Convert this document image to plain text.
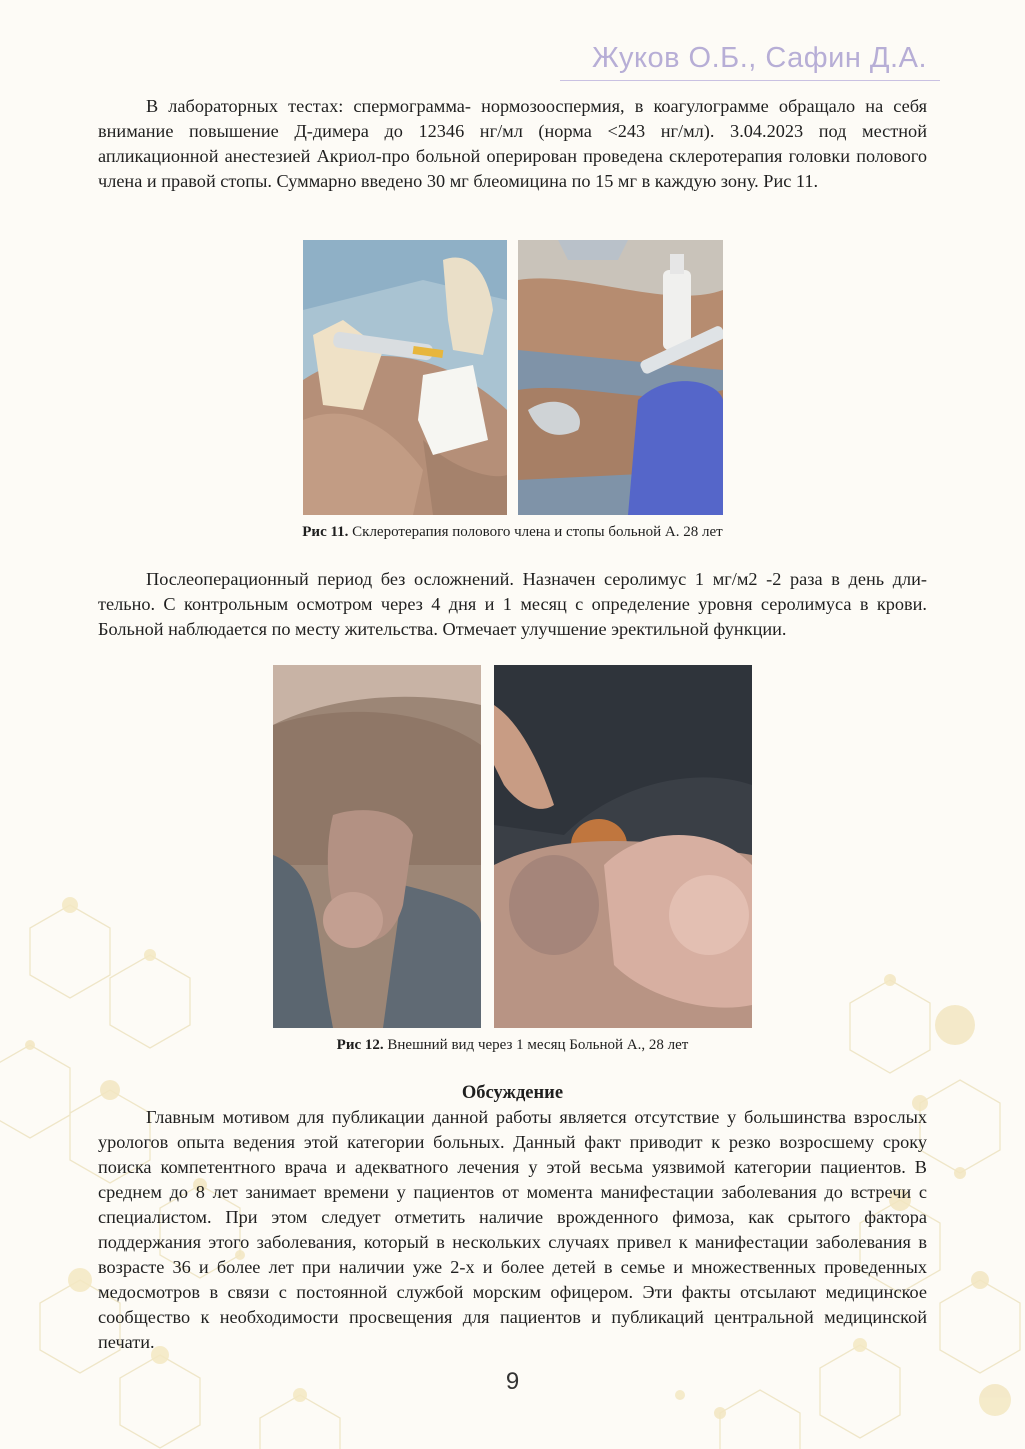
Жуков О.Б., Сафин Д.А.

В лабораторных тестах: спермограмма- нормозооспермия, в коагулограмме обращало на себя внимание повышение Д-димера до 12346 нг/мл (норма <243 нг/мл). 3.04.2023 под местной апликационной анестезией Акриол-про больной оперирован проведена склеротерапия головки полового члена и правой стопы. Суммарно введено 30 мг блеомицина по 15 мг в каждую зону. Рис 11.

Рис 11. Склеротерапия полового члена и стопы больной А. 28 лет

Послеоперационный период без осложнений. Назначен серолимус 1 мг/м2 -2 раза в день длительно. С контрольным осмотром через 4 дня и 1 месяц с определение уровня серолимуса в крови. Больной наблюдается по месту жительства. Отмечает улучшение эректильной функции.

Рис 12. Внешний вид через 1 месяц Больной А., 28 лет
Обсуждение

Главным мотивом для публикации данной работы является отсутствие у большинства взрослых урологов опыта ведения этой категории больных. Данный факт приводит к резко возросшему сроку поиска компетентного врача и адекватного лечения у этой весьма уязвимой категории пациентов. В среднем до 8 лет занимает времени у пациентов от момента манифестации заболевания до встречи с специалистом. При этом следует отметить наличие врожденного фимоза, как срытого фактора поддержания этого заболевания, который в нескольких случаях привел к манифестации заболевания в возрасте 36 и более лет при наличии уже 2-х и более детей в семье и множественных проведенных медосмотров в связи с постоянной службой морским офицером. Эти факты отсылают медицинское сообщество к необходимости просвещения для пациентов и публикаций центральной медицинской печати.

9
